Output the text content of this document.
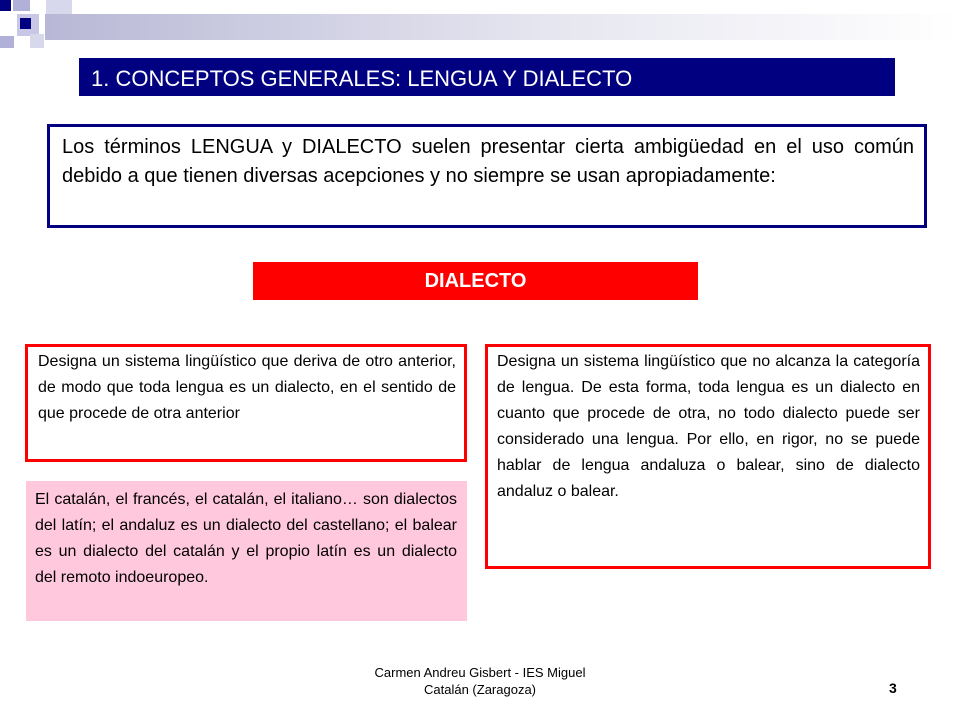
1. CONCEPTOS GENERALES: LENGUA Y DIALECTO
Los términos LENGUA y DIALECTO suelen presentar cierta ambigüedad en el uso común debido a que tienen diversas acepciones y no siempre se usan apropiadamente:
DIALECTO
Designa un sistema lingüístico que deriva de otro anterior, de modo que toda lengua es un dialecto, en el sentido de que procede de otra anterior
Designa un sistema lingüístico que no alcanza la categoría de lengua. De esta forma, toda lengua es un dialecto en cuanto que procede de otra, no todo dialecto puede ser considerado una lengua. Por ello, en rigor, no se puede hablar de lengua andaluza o balear, sino de dialecto andaluz o balear.
El catalán, el francés, el catalán, el italiano… son dialectos del latín; el andaluz es un dialecto del castellano; el balear es un dialecto del catalán y el propio latín es un dialecto del remoto indoeuropeo.
Carmen Andreu Gisbert - IES Miguel
Catalán (Zaragoza)	3
